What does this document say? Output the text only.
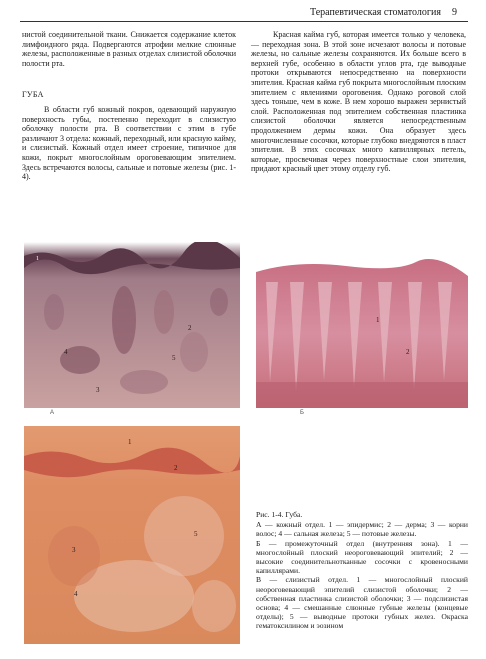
Терапевтическая стоматология 9

нистой соединительной ткани. Снижается содержание клеток лимфоидного ряда. Подвергаются атрофии мелкие слюнные железы, расположенные в разных отделах слизистой оболочки полости рта.

ГУБА

В области губ кожный покров, одевающий наружную поверхность губы, постепенно переходит в слизистую оболочку полости рта. В соответствии с этим в губе различают 3 отдела: кожный, переходный, или красную кайму, и слизистый. Кожный отдел имеет строение, типичное для кожи, покрыт многослойным ороговевающим эпителием. Здесь встречаются волосы, сальные и потовые железы (рис. 1-4).

Красная кайма губ, которая имеется только у человека, — переходная зона. В этой зоне исчезают волосы и потовые железы, но сальные железы сохраняются. Их больше всего в верхней губе, особенно в области углов рта, где выводные протоки открываются непосредственно на поверхности эпителия. Красная кайма губ покрыта многослойным плоским эпителием с явлениями ороговения. Однако роговой слой здесь тоньше, чем в коже. В нем хорошо выражен зернистый слой. Расположенная под эпителием собственная пластинка слизистой оболочки является непосредственным продолжением дермы кожи. Она образует здесь многочисленные сосочки, которые глубоко внедряются в пласт эпителия. В этих сосочках много капиллярных петель, которые, просвечивая через поверхностные слои эпителия, придают красный цвет этому отделу губ.

1
2
3
4
5
А
1
2
Б
1
2
3
4
5

Рис. 1-4. Губа.

А — кожный отдел. 1 — эпидермис; 2 — дерма; 3 — корни волос; 4 — сальная железа; 5 — потовые железы.

Б — промежуточный отдел (внутренняя зона). 1 — многослойный плоский неороговевающий эпителий; 2 — высокие соединительнотканные сосочки с кровеносными капиллярами.

В — слизистый отдел. 1 — многослойный плоский неороговевающий эпителий слизистой оболочки; 2 — собственная пластинка слизистой оболочки; 3 — подслизистая основа; 4 — смешанные слюнные губные железы (концевые отделы); 5 — выводные протоки губных желез. Окраска гематоксилином и эозином
